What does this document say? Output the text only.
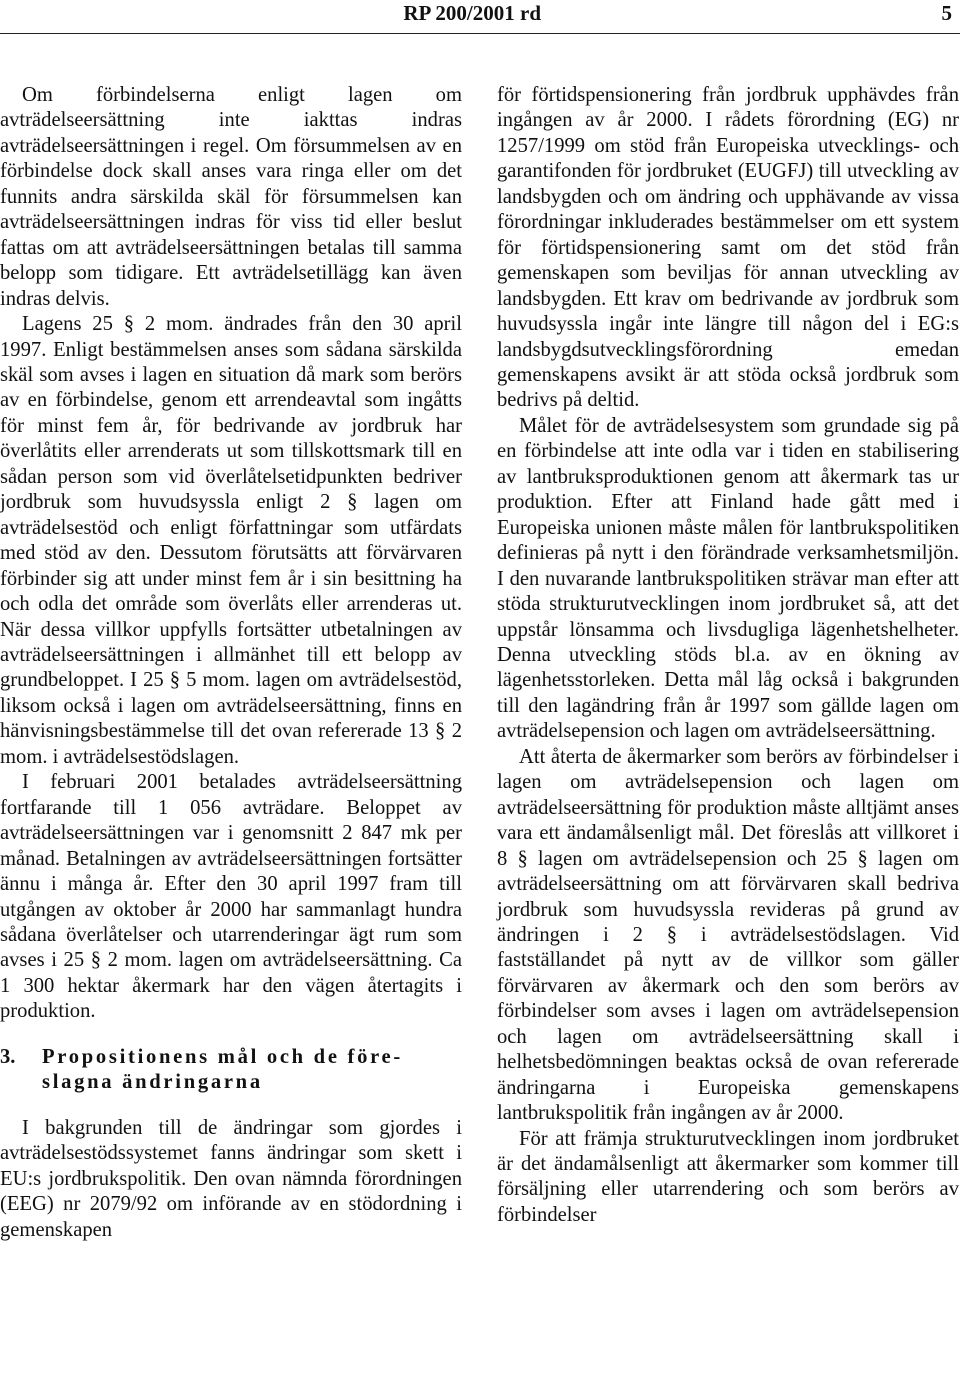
RP 200/2001 rd	5

Om förbindelserna enligt lagen om avträdelseersättning inte iakttas indras avträdelseersättningen i regel. Om försummelsen av en förbindelse dock skall anses vara ringa eller om det funnits andra särskilda skäl för försummelsen kan avträdelseersättningen indras för viss tid eller beslut fattas om att avträdelseersättningen betalas till samma belopp som tidigare. Ett avträdelsetillägg kan även indras delvis.

Lagens 25 § 2 mom. ändrades från den 30 april 1997. Enligt bestämmelsen anses som sådana särskilda skäl som avses i lagen en situation då mark som berörs av en förbindelse, genom ett arrendeavtal som ingåtts för minst fem år, för bedrivande av jordbruk har överlåtits eller arrenderats ut som tillskottsmark till en sådan person som vid överlåtelsetidpunkten bedriver jordbruk som huvudsyssla enligt 2 § lagen om avträdelsestöd och enligt författningar som utfärdats med stöd av den. Dessutom förutsätts att förvärvaren förbinder sig att under minst fem år i sin besittning ha och odla det område som överlåts eller arrenderas ut. När dessa villkor uppfylls fortsätter utbetalningen av avträdelseersättningen i allmänhet till ett belopp av grundbeloppet. I 25 § 5 mom. lagen om avträdelsestöd, liksom också i lagen om avträdelseersättning, finns en hänvisningsbestämmelse till det ovan refererade 13 § 2 mom. i avträdelsestödslagen.

I februari 2001 betalades avträdelseersättning fortfarande till 1 056 avträdare. Beloppet av avträdelseersättningen var i genomsnitt 2 847 mk per månad. Betalningen av avträdelseersättningen fortsätter ännu i många år. Efter den 30 april 1997 fram till utgången av oktober år 2000 har sammanlagt hundra sådana överlåtelser och utarrenderingar ägt rum som avses i 25 § 2 mom. lagen om avträdelseersättning. Ca 1 300 hektar åkermark har den vägen återtagits i produktion.

3. Propositionens mål och de före-
slagna ändringarna

I bakgrunden till de ändringar som gjordes i avträdelsestödssystemet fanns ändringar som skett i EU:s jordbrukspolitik. Den ovan nämnda förordningen (EEG) nr 2079/92 om införande av en stödordning i gemenskapen

för förtidspensionering från jordbruk upphävdes från ingången av år 2000. I rådets förordning (EG) nr 1257/1999 om stöd från Europeiska utvecklings- och garantifonden för jordbruket (EUGFJ) till utveckling av landsbygden och om ändring och upphävande av vissa förordningar inkluderades bestämmelser om ett system för förtidspensionering samt om det stöd från gemenskapen som beviljas för annan utveckling av landsbygden. Ett krav om bedrivande av jordbruk som huvudsyssla ingår inte längre till någon del i EG:s landsbygdsutvecklingsförordning emedan gemenskapens avsikt är att stöda också jordbruk som bedrivs på deltid.

Målet för de avträdelsesystem som grundade sig på en förbindelse att inte odla var i tiden en stabilisering av lantbruksproduktionen genom att åkermark tas ur produktion. Efter att Finland hade gått med i Europeiska unionen måste målen för lantbrukspolitiken definieras på nytt i den förändrade verksamhetsmiljön. I den nuvarande lantbrukspolitiken strävar man efter att stöda strukturutvecklingen inom jordbruket så, att det uppstår lönsamma och livsdugliga lägenhetshelheter. Denna utveckling stöds bl.a. av en ökning av lägenhetsstorleken. Detta mål låg också i bakgrunden till den lagändring från år 1997 som gällde lagen om avträdelsepension och lagen om avträdelseersättning.

Att återta de åkermarker som berörs av förbindelser i lagen om avträdelsepension och lagen om avträdelseersättning för produktion måste alltjämt anses vara ett ändamålsenligt mål. Det föreslås att villkoret i 8 § lagen om avträdelsepension och 25 § lagen om avträdelseersättning om att förvärvaren skall bedriva jordbruk som huvudsyssla revideras på grund av ändringen i 2 § i avträdelsestödslagen. Vid fastställandet på nytt av de villkor som gäller förvärvaren av åkermark och den som berörs av förbindelser som avses i lagen om avträdelsepension och lagen om avträdelseersättning skall i helhetsbedömningen beaktas också de ovan refererade ändringarna i Europeiska gemenskapens lantbrukspolitik från ingången av år 2000.

För att främja strukturutvecklingen inom jordbruket är det ändamålsenligt att åkermarker som kommer till försäljning eller utarrendering och som berörs av förbindelser
